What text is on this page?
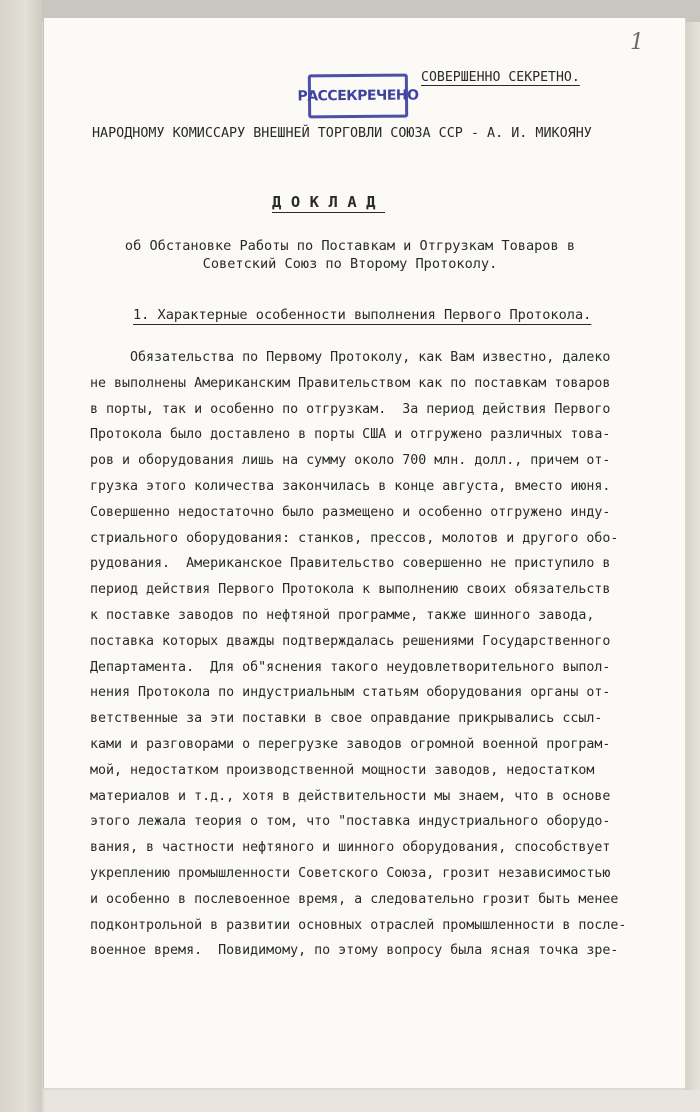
1
РАССЕКРЕЧЕНО
СОВЕРШЕННО СЕКРЕТНО.
НАРОДНОМУ КОМИССАРУ ВНЕШНЕЙ ТОРГОВЛИ СОЮЗА ССР - А. И. МИКОЯНУ
ДОКЛАД
об Обстановке Работы по Поставкам и Отгрузкам Товаров в
Советский Союз по Второму Протоколу.
1. Характерные особенности выполнения Первого Протокола.
Обязательства по Первому Протоколу, как Вам известно, далеко
не выполнены Американским Правительством как по поставкам товаров
в порты, так и особенно по отгрузкам.  За период действия Первого
Протокола было доставлено в порты США и отгружено различных това-
ров и оборудования лишь на сумму около 700 млн. долл., причем от-
грузка этого количества закончилась в конце августа, вместо июня.
Совершенно недостаточно было размещено и особенно отгружено инду-
стриального оборудования: станков, прессов, молотов и другого обо-
рудования.  Американское Правительство совершенно не приступило в
период действия Первого Протокола к выполнению своих обязательств
к поставке заводов по нефтяной программе, также шинного завода,
поставка которых дважды подтверждалась решениями Государственного
Департамента.  Для об"яснения такого неудовлетворительного выпол-
нения Протокола по индустриальным статьям оборудования органы от-
ветственные за эти поставки в свое оправдание прикрывались ссыл-
ками и разговорами о перегрузке заводов огромной военной програм-
мой, недостатком производственной мощности заводов, недостатком
материалов и т.д., хотя в действительности мы знаем, что в основе
этого лежала теория о том, что "поставка индустриального оборудо-
вания, в частности нефтяного и шинного оборудования, способствует
укреплению промышленности Советского Союза, грозит независимостью
и особенно в послевоенное время, а следовательно грозит быть менее
подконтрольной в развитии основных отраслей промышленности в после-
военное время.  Повидимому, по этому вопросу была ясная точка зре-
